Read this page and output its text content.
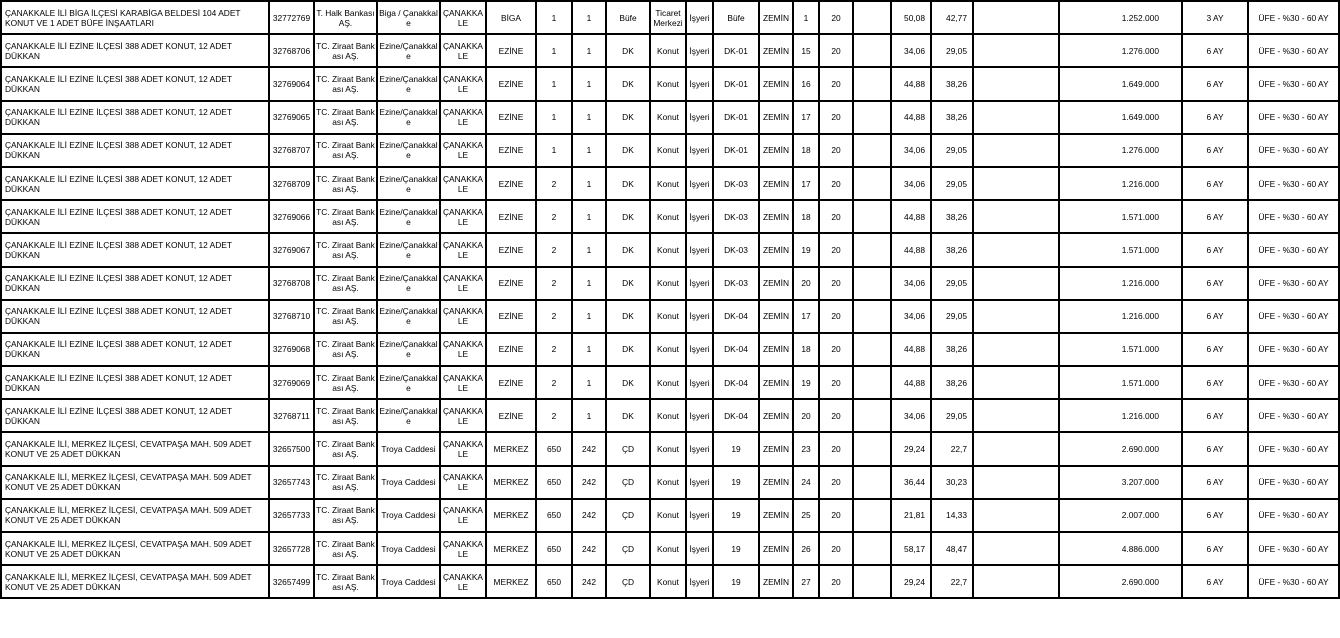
ÇANAKKALE İLİ BİGA İLÇESİ KARABİGA BELDESİ 104 ADET KONUT VE 1 ADET BÜFE İNŞAATLARI	32772769	T. Halk Bankası AŞ.	Biga / Çanakkale	ÇANAKKA LE	BİGA	1	1	Büfe	Ticaret Merkezi	İşyeri	Büfe	ZEMİN	1	20		50,08	42,77		1.252.000	3 AY	ÜFE - %30 - 60 AY
ÇANAKKALE İLİ EZİNE İLÇESİ 388 ADET KONUT, 12 ADET DÜKKAN	32768706	TC. Ziraat Bankası AŞ.	Ezine/Çanakkal e	ÇANAKKA LE	EZİNE	1	1	DK	Konut	İşyeri	DK-01	ZEMİN	15	20		34,06	29,05		1.276.000	6 AY	ÜFE - %30 - 60 AY
ÇANAKKALE İLİ EZİNE İLÇESİ 388 ADET KONUT, 12 ADET DÜKKAN	32769064	TC. Ziraat Bankası AŞ.	Ezine/Çanakkal e	ÇANAKKA LE	EZİNE	1	1	DK	Konut	İşyeri	DK-01	ZEMİN	16	20		44,88	38,26		1.649.000	6 AY	ÜFE - %30 - 60 AY
ÇANAKKALE İLİ EZİNE İLÇESİ 388 ADET KONUT, 12 ADET DÜKKAN	32769065	TC. Ziraat Bankası AŞ.	Ezine/Çanakkal e	ÇANAKKA LE	EZİNE	1	1	DK	Konut	İşyeri	DK-01	ZEMİN	17	20		44,88	38,26		1.649.000	6 AY	ÜFE - %30 - 60 AY
ÇANAKKALE İLİ EZİNE İLÇESİ 388 ADET KONUT, 12 ADET DÜKKAN	32768707	TC. Ziraat Bankası AŞ.	Ezine/Çanakkal e	ÇANAKKA LE	EZİNE	1	1	DK	Konut	İşyeri	DK-01	ZEMİN	18	20		34,06	29,05		1.276.000	6 AY	ÜFE - %30 - 60 AY
ÇANAKKALE İLİ EZİNE İLÇESİ 388 ADET KONUT, 12 ADET DÜKKAN	32768709	TC. Ziraat Bankası AŞ.	Ezine/Çanakkal e	ÇANAKKA LE	EZİNE	2	1	DK	Konut	İşyeri	DK-03	ZEMİN	17	20		34,06	29,05		1.216.000	6 AY	ÜFE - %30 - 60 AY
ÇANAKKALE İLİ EZİNE İLÇESİ 388 ADET KONUT, 12 ADET DÜKKAN	32769066	TC. Ziraat Bankası AŞ.	Ezine/Çanakkal e	ÇANAKKA LE	EZİNE	2	1	DK	Konut	İşyeri	DK-03	ZEMİN	18	20		44,88	38,26		1.571.000	6 AY	ÜFE - %30 - 60 AY
ÇANAKKALE İLİ EZİNE İLÇESİ 388 ADET KONUT, 12 ADET DÜKKAN	32769067	TC. Ziraat Bankası AŞ.	Ezine/Çanakkal e	ÇANAKKA LE	EZİNE	2	1	DK	Konut	İşyeri	DK-03	ZEMİN	19	20		44,88	38,26		1.571.000	6 AY	ÜFE - %30 - 60 AY
ÇANAKKALE İLİ EZİNE İLÇESİ 388 ADET KONUT, 12 ADET DÜKKAN	32768708	TC. Ziraat Bankası AŞ.	Ezine/Çanakkal e	ÇANAKKA LE	EZİNE	2	1	DK	Konut	İşyeri	DK-03	ZEMİN	20	20		34,06	29,05		1.216.000	6 AY	ÜFE - %30 - 60 AY
ÇANAKKALE İLİ EZİNE İLÇESİ 388 ADET KONUT, 12 ADET DÜKKAN	32768710	TC. Ziraat Bankası AŞ.	Ezine/Çanakkal e	ÇANAKKA LE	EZİNE	2	1	DK	Konut	İşyeri	DK-04	ZEMİN	17	20		34,06	29,05		1.216.000	6 AY	ÜFE - %30 - 60 AY
ÇANAKKALE İLİ EZİNE İLÇESİ 388 ADET KONUT, 12 ADET DÜKKAN	32769068	TC. Ziraat Bankası AŞ.	Ezine/Çanakkal e	ÇANAKKA LE	EZİNE	2	1	DK	Konut	İşyeri	DK-04	ZEMİN	18	20		44,88	38,26		1.571.000	6 AY	ÜFE - %30 - 60 AY
ÇANAKKALE İLİ EZİNE İLÇESİ 388 ADET KONUT, 12 ADET DÜKKAN	32769069	TC. Ziraat Bankası AŞ.	Ezine/Çanakkal e	ÇANAKKA LE	EZİNE	2	1	DK	Konut	İşyeri	DK-04	ZEMİN	19	20		44,88	38,26		1.571.000	6 AY	ÜFE - %30 - 60 AY
ÇANAKKALE İLİ EZİNE İLÇESİ 388 ADET KONUT, 12 ADET DÜKKAN	32768711	TC. Ziraat Bankası AŞ.	Ezine/Çanakkal e	ÇANAKKA LE	EZİNE	2	1	DK	Konut	İşyeri	DK-04	ZEMİN	20	20		34,06	29,05		1.216.000	6 AY	ÜFE - %30 - 60 AY
ÇANAKKALE İLİ, MERKEZ İLÇESİ, CEVATPAŞA MAH. 509 ADET KONUT VE 25 ADET DÜKKAN	32657500	TC. Ziraat Bankası AŞ.	Troya Caddesi	ÇANAKKA LE	MERKEZ	650	242	ÇD	Konut	İşyeri	19	ZEMİN	23	20		29,24	22,7		2.690.000	6 AY	ÜFE - %30 - 60 AY
ÇANAKKALE İLİ, MERKEZ İLÇESİ, CEVATPAŞA MAH. 509 ADET KONUT VE 25 ADET DÜKKAN	32657743	TC. Ziraat Bankası AŞ.	Troya Caddesi	ÇANAKKA LE	MERKEZ	650	242	ÇD	Konut	İşyeri	19	ZEMİN	24	20		36,44	30,23		3.207.000	6 AY	ÜFE - %30 - 60 AY
ÇANAKKALE İLİ, MERKEZ İLÇESİ, CEVATPAŞA MAH. 509 ADET KONUT VE 25 ADET DÜKKAN	32657733	TC. Ziraat Bankası AŞ.	Troya Caddesi	ÇANAKKA LE	MERKEZ	650	242	ÇD	Konut	İşyeri	19	ZEMİN	25	20		21,81	14,33		2.007.000	6 AY	ÜFE - %30 - 60 AY
ÇANAKKALE İLİ, MERKEZ İLÇESİ, CEVATPAŞA MAH. 509 ADET KONUT VE 25 ADET DÜKKAN	32657728	TC. Ziraat Bankası AŞ.	Troya Caddesi	ÇANAKKA LE	MERKEZ	650	242	ÇD	Konut	İşyeri	19	ZEMİN	26	20		58,17	48,47		4.886.000	6 AY	ÜFE - %30 - 60 AY
ÇANAKKALE İLİ, MERKEZ İLÇESİ, CEVATPAŞA MAH. 509 ADET KONUT VE 25 ADET DÜKKAN	32657499	TC. Ziraat Bankası AŞ.	Troya Caddesi	ÇANAKKA LE	MERKEZ	650	242	ÇD	Konut	İşyeri	19	ZEMİN	27	20		29,24	22,7		2.690.000	6 AY	ÜFE - %30 - 60 AY
